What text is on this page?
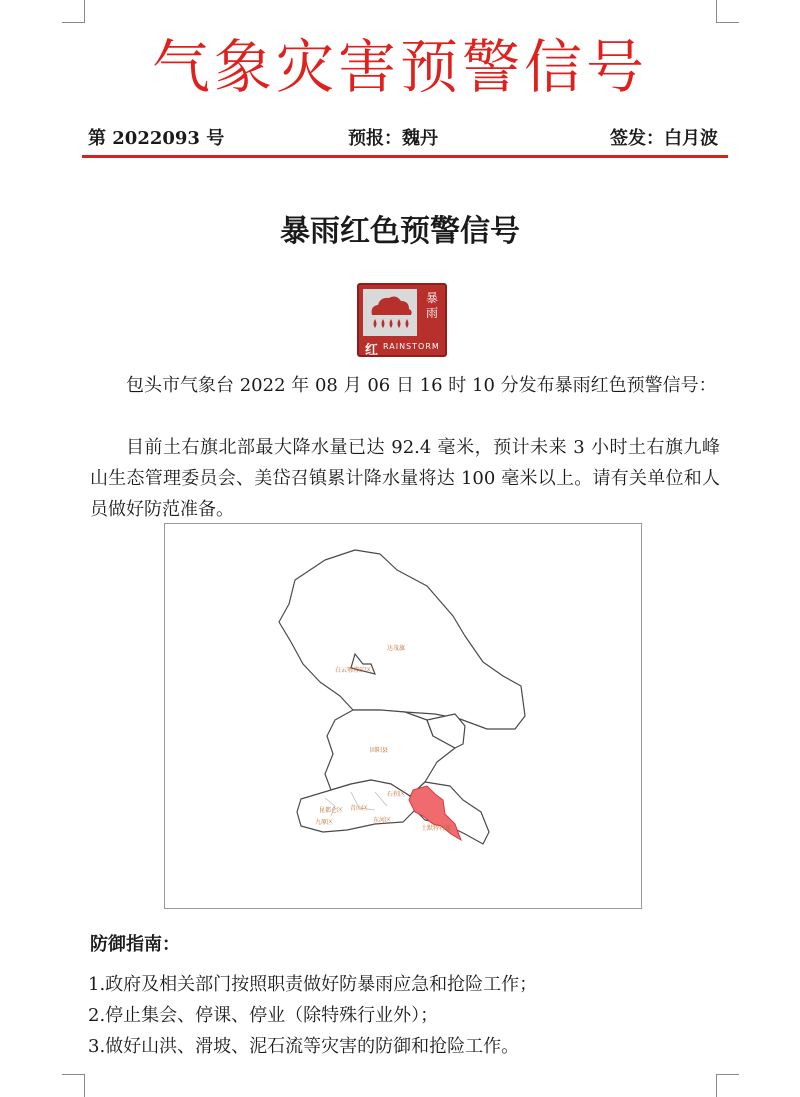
气象灾害预警信号
第 2022093 号	预报：魏丹	签发：白月波
暴雨红色预警信号
暴雨
红 RAINSTORM
包头市气象台 2022 年 08 月 06 日 16 时 10 分发布暴雨红色预警信号：
目前土右旗北部最大降水量已达 92.4 毫米，预计未来 3 小时土右旗九峰山生态管理委员会、美岱召镇累计降水量将达 100 毫米以上。请有关单位和人员做好防范准备。
达茂旗
白云鄂博矿区
固阳县
昆都仑区 青山区
东河区
九原区
石拐区
土默特右旗
防御指南：
1.政府及相关部门按照职责做好防暴雨应急和抢险工作；
2.停止集会、停课、停业（除特殊行业外）；
3.做好山洪、滑坡、泥石流等灾害的防御和抢险工作。
